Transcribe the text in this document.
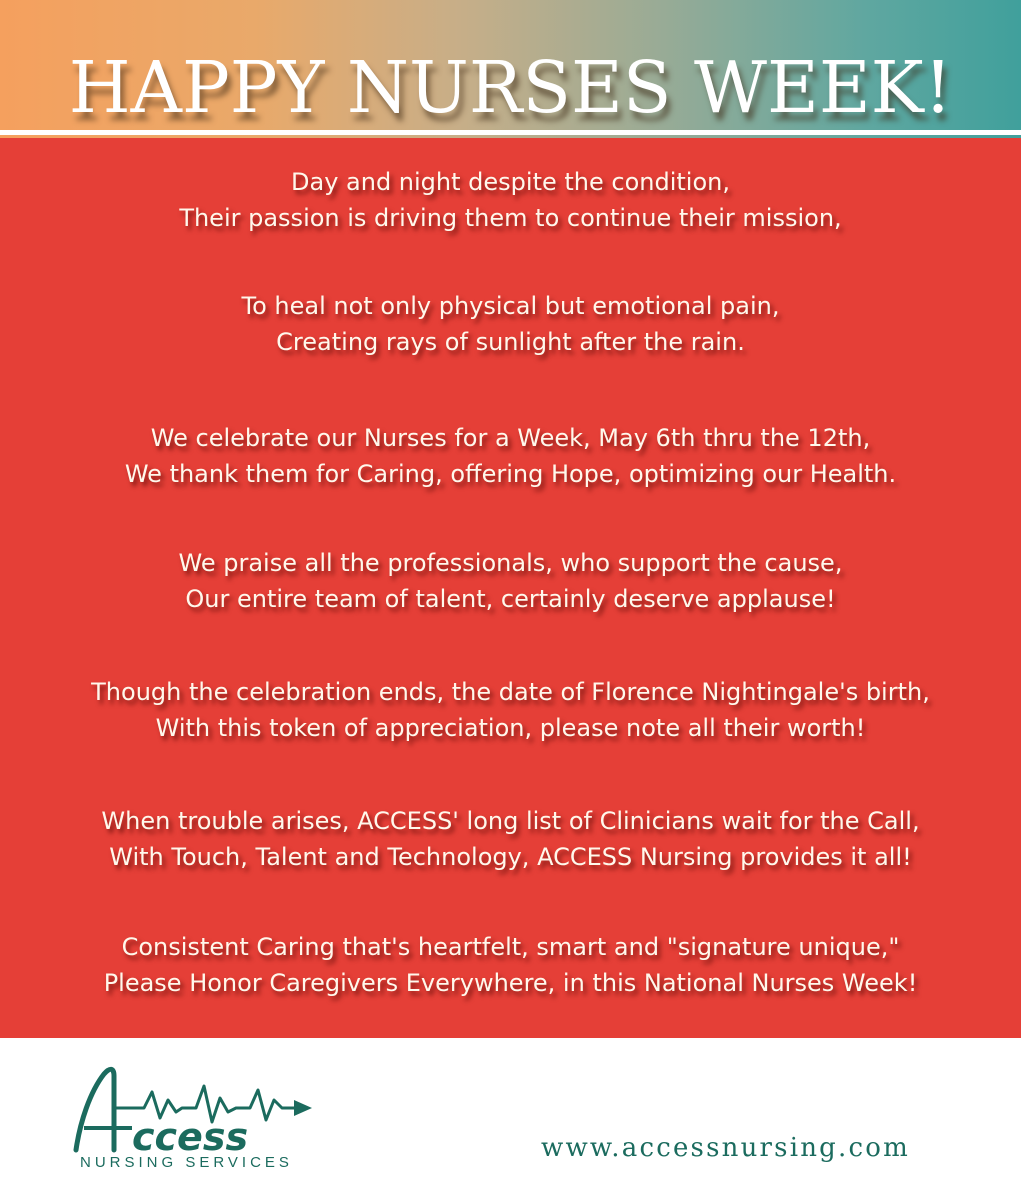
HAPPY NURSES WEEK!
Day and night despite the condition,
Their passion is driving them to continue their mission,
To heal not only physical but emotional pain,
Creating rays of sunlight after the rain.
We celebrate our Nurses for a Week, May 6th thru the 12th,
We thank them for Caring, offering Hope, optimizing our Health.
We praise all the professionals, who support the cause,
Our entire team of talent, certainly deserve applause!
Though the celebration ends, the date of Florence Nightingale's birth,
With this token of appreciation, please note all their worth!
When trouble arises, ACCESS' long list of Clinicians wait for the Call,
With Touch, Talent and Technology, ACCESS Nursing provides it all!
Consistent Caring that's heartfelt, smart and "signature unique,"
Please Honor Caregivers Everywhere, in this National Nurses Week!
ccess
NURSING SERVICES	www.accessnursing.com
